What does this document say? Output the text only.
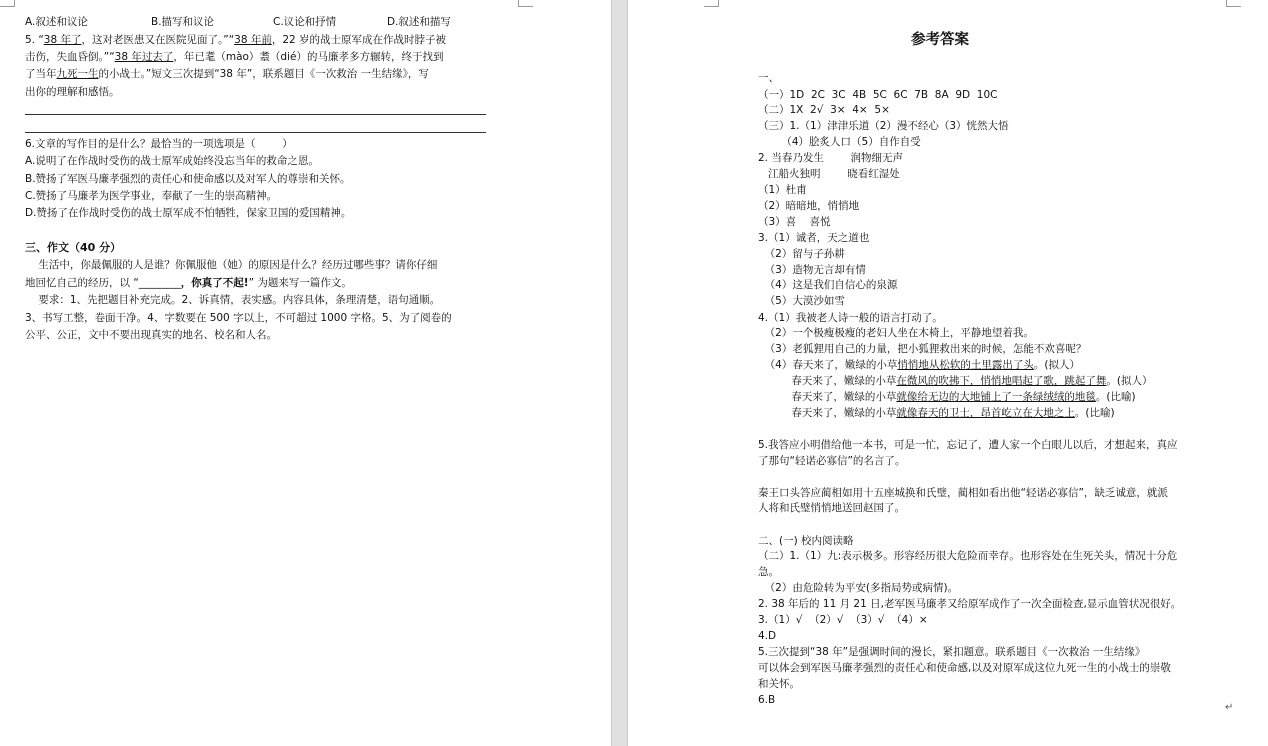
A.叙述和议论	B.描写和议论	C.议论和抒情	D.叙述和描写
5. “38 年了，这对老医患又在医院见面了。”“38 年前，22 岁的战士原军成在作战时脖子被
击伤，失血昏倒。”“38 年过去了，年已耄（mào）耋（dié）的马廉孝多方辗转，终于找到
了当年九死一生的小战士。”短文三次提到“38 年”，联系题目《一次救治 一生结缘》，写
出你的理解和感悟。
6.文章的写作目的是什么？最恰当的一项选项是（        ）
A.说明了在作战时受伤的战士原军成始终没忘当年的救命之恩。
B.赞扬了军医马廉孝强烈的责任心和使命感以及对军人的尊崇和关怀。
C.赞扬了马廉孝为医学事业，奉献了一生的崇高精神。
D.赞扬了在作战时受伤的战士原军成不怕牺牲，保家卫国的爱国精神。
三、作文（40 分）
生活中，你最佩服的人是谁？你佩服他（她）的原因是什么？经历过哪些事？请你仔细
地回忆自己的经历，以 “________，你真了不起!” 为题来写一篇作文。
要求：1、先把题目补充完成。2、诉真情，表实感。内容具体，条理清楚，语句通顺。
3、书写工整，卷面干净。4、字数要在 500 字以上，不可超过 1000 字格。5、为了阅卷的
公平、公正，文中不要出现真实的地名、校名和人名。
参考答案
一、
（一）1D  2C  3C  4B  5C  6C  7B  8A  9D  10C
（二）1X  2√  3×  4×  5×
（三）1.（1）津津乐道（2）漫不经心（3）恍然大悟
（4）脍炙人口（5）自作自受
2. 当春乃发生        润物细无声
江船火独明        晓看红湿处
（1）杜甫
（2）暗暗地，悄悄地
（3）喜    喜悦
3.（1）诚者，天之道也
（2）留与子孙耕
（3）造物无言却有情
（4）这是我们自信心的泉源
（5）大漠沙如雪
4.（1）我被老人诗一般的语言打动了。
（2）一个极瘦极瘦的老妇人坐在木椅上，平静地望着我。
（3）老狐狸用自己的力量，把小狐狸救出来的时候，怎能不欢喜呢？
（4）春天来了，嫩绿的小草悄悄地从松软的土里露出了头。(拟人）
春天来了，嫩绿的小草在微风的吹拂下，悄悄地唱起了歌，跳起了舞。(拟人）
春天来了，嫩绿的小草就像给无边的大地铺上了一条绿绒绒的地毯。(比喻)
春天来了，嫩绿的小草就像春天的卫士，昂首屹立在大地之上。(比喻)
5.我答应小明借给他一本书，可是一忙，忘记了，遭人家一个白眼儿以后，才想起来，真应
了那句“轻诺必寡信”的名言了。
秦王口头答应蔺相如用十五座城换和氏璧，蔺相如看出他“轻诺必寡信”，缺乏诚意，就派
人将和氏璧悄悄地送回赵国了。
二、(一) 校内阅读略
（二）1.（1）九:表示极多。形容经历很大危险而幸存。也形容处在生死关头，情况十分危
急。
（2）由危险转为平安(多指局势或病情)。
2. 38 年后的 11 月 21 日,老军医马廉孝又给原军成作了一次全面检查,显示血管状况很好。
3.（1）√  （2）√  （3）√  （4）×
4.D
5.三次提到“38 年”是强调时间的漫长，紧扣题意。联系题目《一次救治 一生结缘》
可以体会到军医马廉孝强烈的责任心和使命感,以及对原军成这位九死一生的小战士的崇敬
和关怀。
6.B
↵
